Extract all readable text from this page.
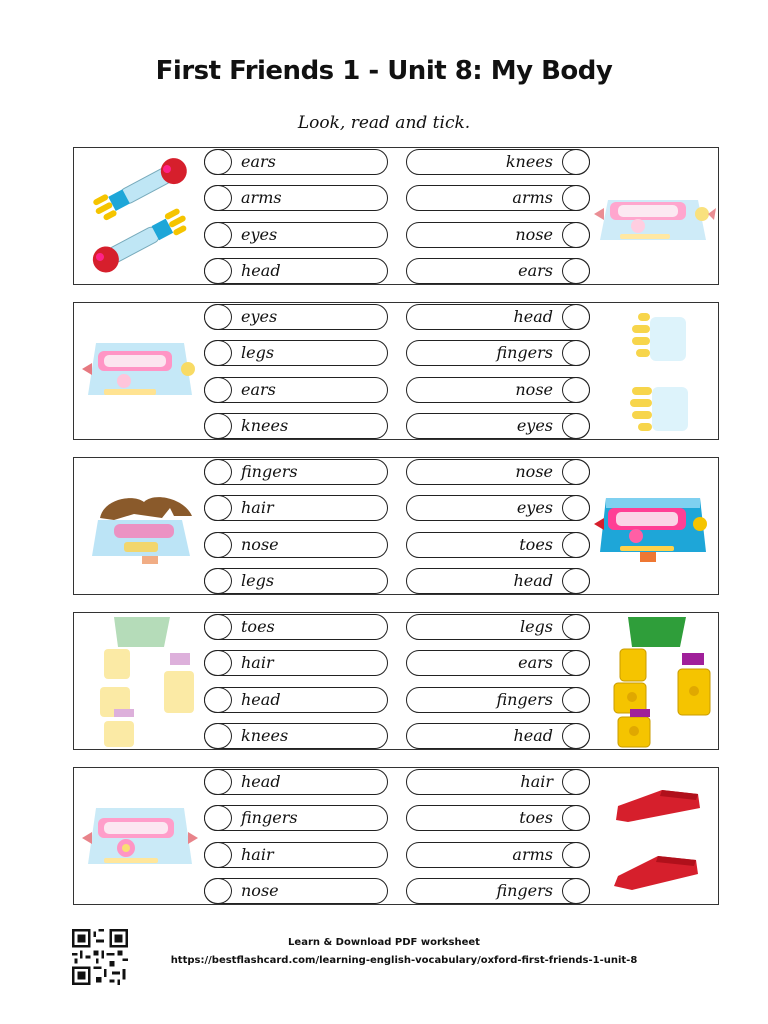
First Friends 1 - Unit 8: My Body
Look, read and tick.
ears
arms
eyes
head
knees
arms
nose
ears
eyes
legs
ears
knees
head
fingers
nose
eyes
fingers
hair
nose
legs
nose
eyes
toes
head
toes
hair
head
knees
legs
ears
fingers
head
head
fingers
hair
nose
hair
toes
arms
fingers
Learn & Download PDF worksheet
https://bestflashcard.com/learning-english-vocabulary/oxford-first-friends-1-unit-8
